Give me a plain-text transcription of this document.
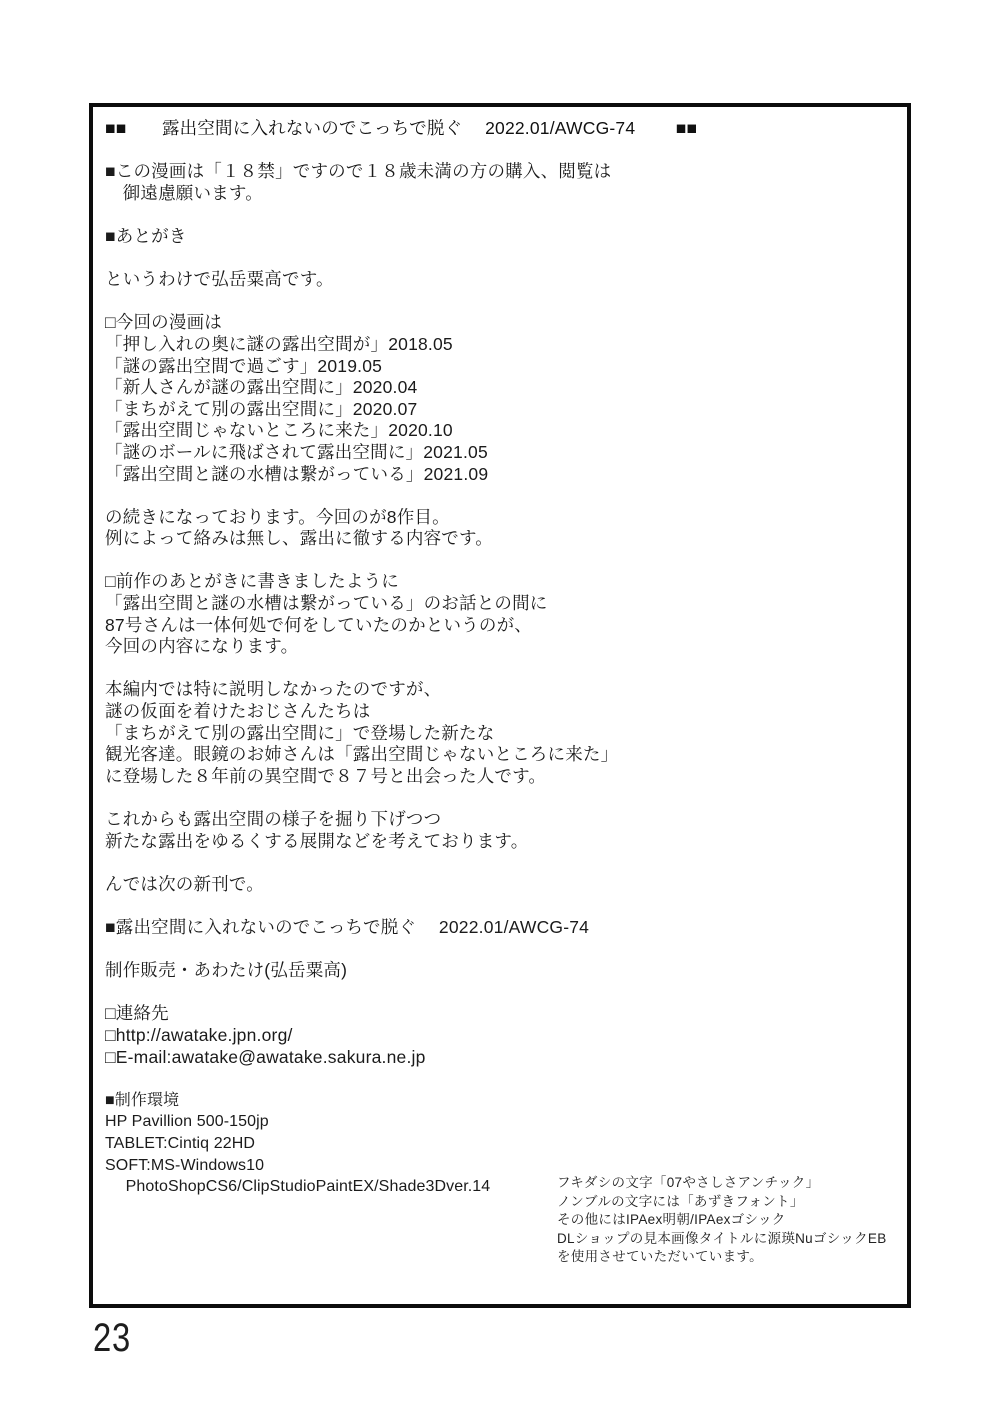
■■　　露出空間に入れないのでこっちで脱ぐ　 2022.01/AWCG-74　 　■■
■この漫画は「１８禁」ですので１８歳未満の方の購入、閲覧は
　御遠慮願います。
■あとがき
というわけで弘岳粟高です。
□今回の漫画は
「押し入れの奥に謎の露出空間が」2018.05
「謎の露出空間で過ごす」2019.05
「新人さんが謎の露出空間に」2020.04
「まちがえて別の露出空間に」2020.07
「露出空間じゃないところに来た」2020.10
「謎のボールに飛ばされて露出空間に」2021.05
「露出空間と謎の水槽は繋がっている」2021.09
の続きになっております。今回のが8作目。
例によって絡みは無し、露出に徹する内容です。
□前作のあとがきに書きましたように
「露出空間と謎の水槽は繋がっている」のお話との間に
87号さんは一体何処で何をしていたのかというのが、
今回の内容になります。
本編内では特に説明しなかったのですが、
謎の仮面を着けたおじさんたちは
「まちがえて別の露出空間に」で登場した新たな
観光客達。眼鏡のお姉さんは「露出空間じゃないところに来た」
に登場した８年前の異空間で８７号と出会った人です。
これからも露出空間の様子を掘り下げつつ
新たな露出をゆるくする展開などを考えております。
んでは次の新刊で。
■露出空間に入れないのでこっちで脱ぐ　 2022.01/AWCG-74
制作販売・あわたけ(弘岳粟高)
□連絡先
□http://awatake.jpn.org/
□E-mail:awatake@awatake.sakura.ne.jp
■制作環境
HP Pavillion 500-150jp
TABLET:Cintiq 22HD
SOFT:MS-Windows10
　 PhotoShopCS6/ClipStudioPaintEX/Shade3Dver.14	フキダシの文字「07やさしさアンチック」
ノンブルの文字には「あずきフォント」
その他にはIPAex明朝/IPAexゴシック
DLショップの見本画像タイトルに源瑛NuゴシックEB
を使用させていただいています。
23
